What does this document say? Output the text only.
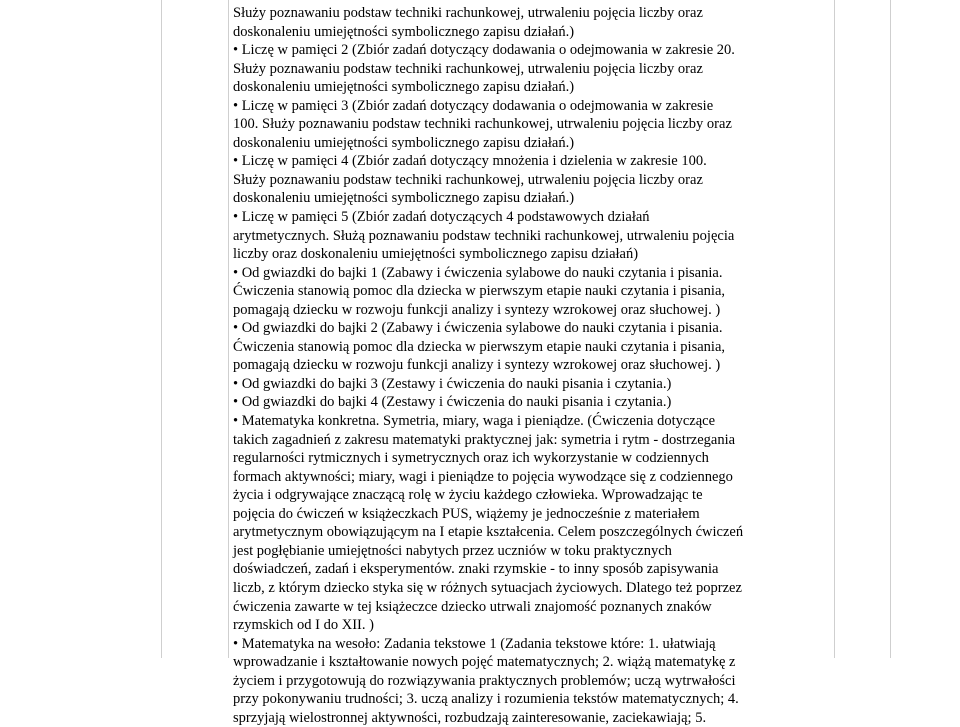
Służy poznawaniu podstaw techniki rachunkowej, utrwaleniu pojęcia liczby oraz
doskonaleniu umiejętności symbolicznego zapisu działań.)
• Liczę w pamięci 2 (Zbiór zadań dotyczący dodawania o odejmowania w zakresie 20.
Służy poznawaniu podstaw techniki rachunkowej, utrwaleniu pojęcia liczby oraz
doskonaleniu umiejętności symbolicznego zapisu działań.)
• Liczę w pamięci 3 (Zbiór zadań dotyczący dodawania o odejmowania w zakresie
100. Służy poznawaniu podstaw techniki rachunkowej, utrwaleniu pojęcia liczby oraz
doskonaleniu umiejętności symbolicznego zapisu działań.)
• Liczę w pamięci 4 (Zbiór zadań dotyczący mnożenia i dzielenia w zakresie 100.
Służy poznawaniu podstaw techniki rachunkowej, utrwaleniu pojęcia liczby oraz
doskonaleniu umiejętności symbolicznego zapisu działań.)
• Liczę w pamięci 5 (Zbiór zadań dotyczących 4 podstawowych działań
arytmetycznych. Służą poznawaniu podstaw techniki rachunkowej, utrwaleniu pojęcia
liczby oraz doskonaleniu umiejętności symbolicznego zapisu działań)
• Od gwiazdki do bajki 1 (Zabawy i ćwiczenia sylabowe do nauki czytania i pisania.
Ćwiczenia stanowią pomoc dla dziecka w pierwszym etapie nauki czytania i pisania,
pomagają dziecku w rozwoju funkcji analizy i syntezy wzrokowej oraz słuchowej. )
• Od gwiazdki do bajki 2 (Zabawy i ćwiczenia sylabowe do nauki czytania i pisania.
Ćwiczenia stanowią pomoc dla dziecka w pierwszym etapie nauki czytania i pisania,
pomagają dziecku w rozwoju funkcji analizy i syntezy wzrokowej oraz słuchowej. )
• Od gwiazdki do bajki 3 (Zestawy i ćwiczenia do nauki pisania i czytania.)
• Od gwiazdki do bajki 4 (Zestawy i ćwiczenia do nauki pisania i czytania.)
• Matematyka konkretna. Symetria, miary, waga i pieniądze. (Ćwiczenia dotyczące
takich zagadnień z zakresu matematyki praktycznej jak: symetria i rytm - dostrzegania
regularności rytmicznych i symetrycznych oraz ich wykorzystanie w codziennych
formach aktywności; miary, wagi i pieniądze to pojęcia wywodzące się z codziennego
życia i odgrywające znaczącą rolę w życiu każdego człowieka. Wprowadzając te
pojęcia do ćwiczeń w książeczkach PUS, wiążemy je jednocześnie z materiałem
arytmetycznym obowiązującym na I etapie kształcenia. Celem poszczególnych ćwiczeń
jest pogłębianie umiejętności nabytych przez uczniów w toku praktycznych
doświadczeń, zadań i eksperymentów. znaki rzymskie - to inny sposób zapisywania
liczb, z którym dziecko styka się w różnych sytuacjach życiowych. Dlatego też poprzez
ćwiczenia zawarte w tej książeczce dziecko utrwali znajomość poznanych znaków
rzymskich od I do XII. )
• Matematyka na wesoło: Zadania tekstowe 1 (Zadania tekstowe które: 1. ułatwiają
wprowadzanie i kształtowanie nowych pojęć matematycznych; 2. wiążą matematykę z
życiem i przygotowują do rozwiązywania praktycznych problemów; uczą wytrwałości
przy pokonywaniu trudności; 3. uczą analizy i rozumienia tekstów matematycznych; 4.
sprzyjają wielostronnej aktywności, rozbudzają zainteresowanie, zaciekawiają; 5.
